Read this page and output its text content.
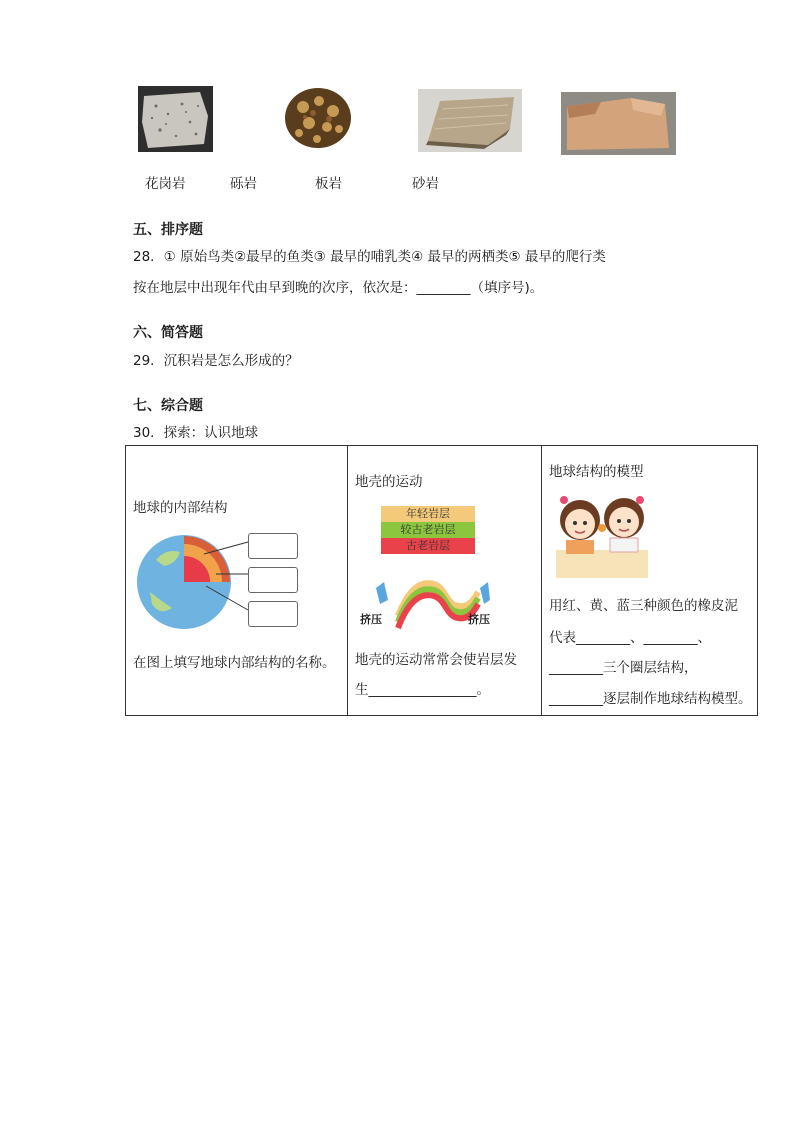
花岗岩	砾岩	板岩	砂岩
五、排序题
28．① 原始鸟类②最早的鱼类③ 最早的哺乳类④ 最早的两栖类⑤ 最早的爬行类
按在地层中出现年代由早到晚的次序，依次是：________（填序号)。
六、简答题
29．沉积岩是怎么形成的？
七、综合题
30．探索：认识地球
地球的内部结构
在图上填写地球内部结构的名称。

地壳的运动
年轻岩层
较古老岩层
古老岩层
挤压	挤压
地壳的运动常常会使岩层发
生________________。

地球结构的模型
用红、黄、蓝三种颜色的橡皮泥
代表________、________、
________三个圈层结构，
________逐层制作地球结构模型。
